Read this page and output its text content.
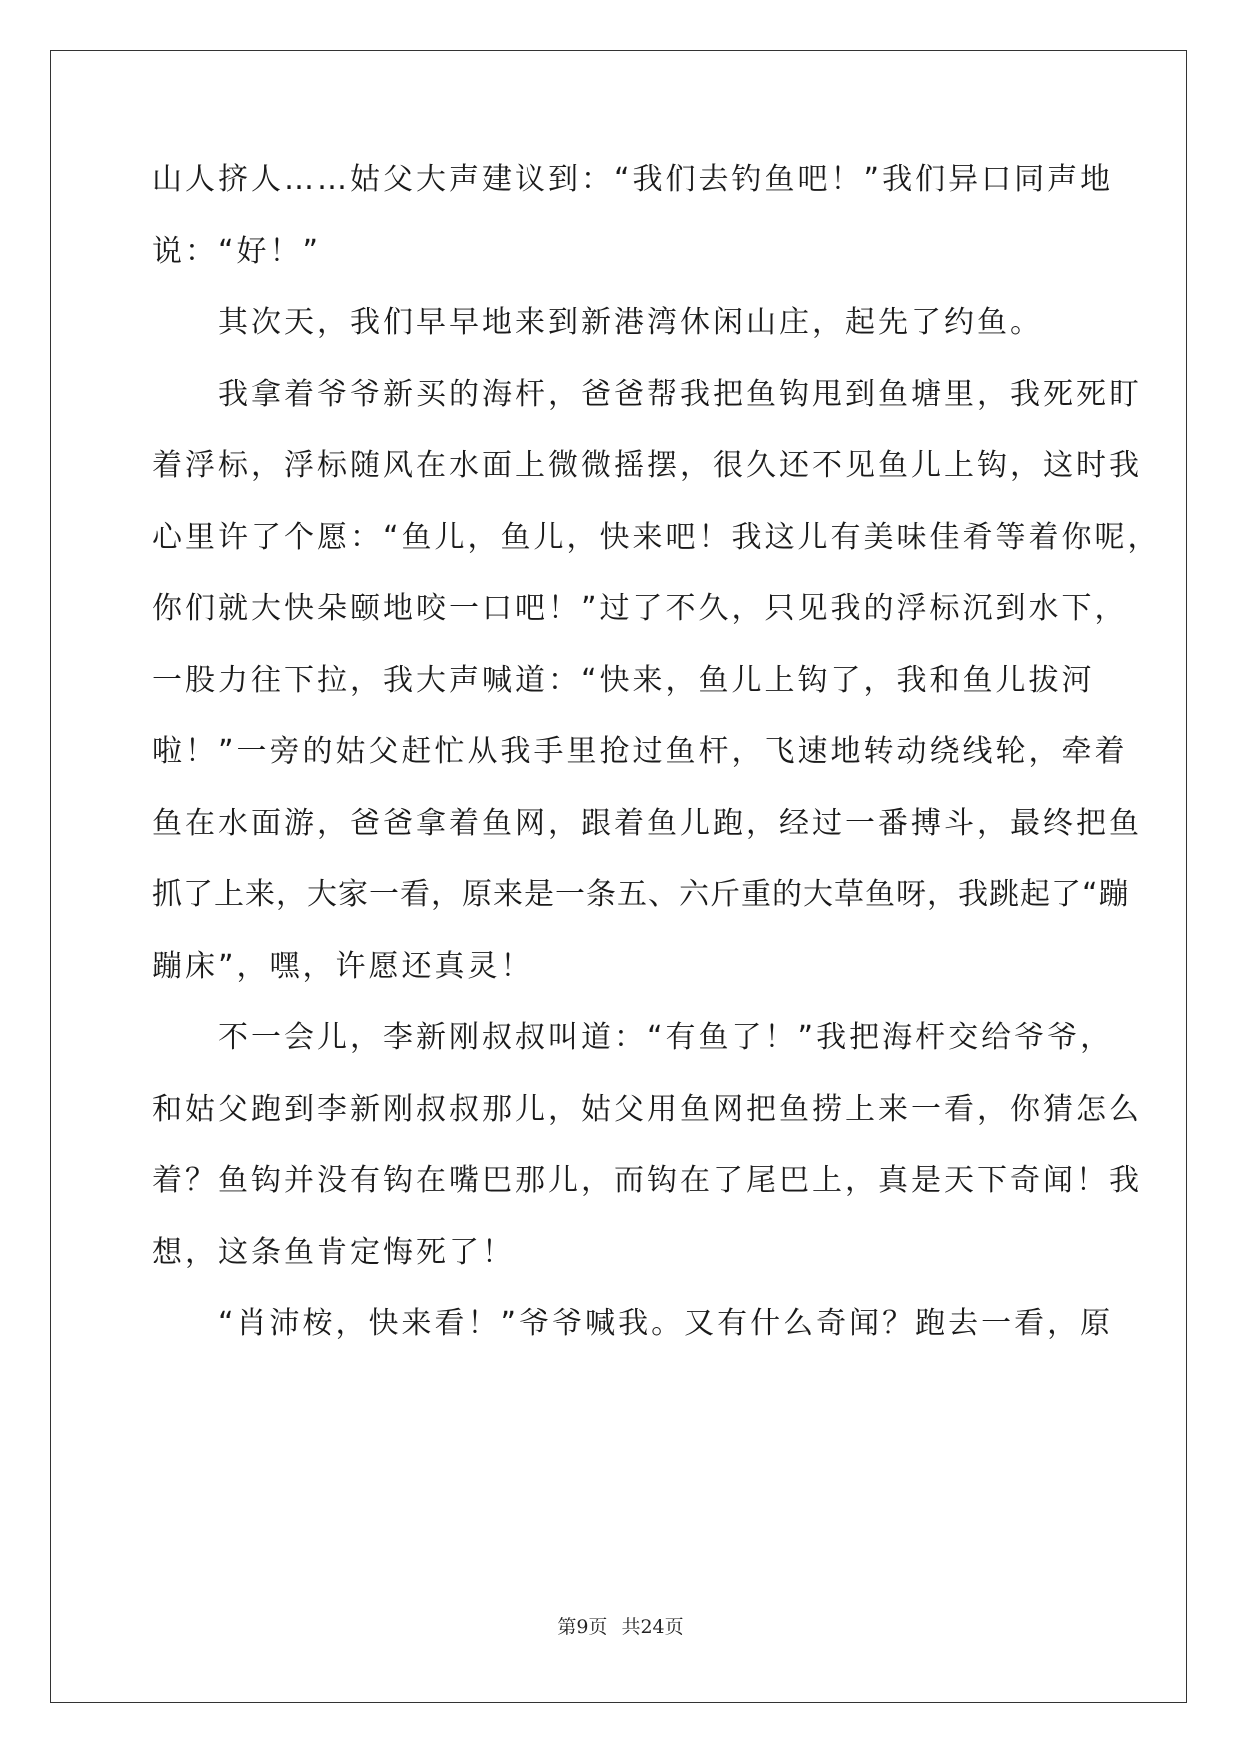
山人挤人……姑父大声建议到：“我们去钓鱼吧！”我们异口同声地
说：“好！”
　　其次天，我们早早地来到新港湾休闲山庄，起先了约鱼。
　　我拿着爷爷新买的海杆，爸爸帮我把鱼钩甩到鱼塘里，我死死盯
着浮标，浮标随风在水面上微微摇摆，很久还不见鱼儿上钩，这时我
心里许了个愿：“鱼儿，鱼儿，快来吧！我这儿有美味佳肴等着你呢，
你们就大快朵颐地咬一口吧！”过了不久，只见我的浮标沉到水下，
一股力往下拉，我大声喊道：“快来，鱼儿上钩了，我和鱼儿拔河
啦！”一旁的姑父赶忙从我手里抢过鱼杆，飞速地转动绕线轮，牵着
鱼在水面游，爸爸拿着鱼网，跟着鱼儿跑，经过一番搏斗，最终把鱼
抓了上来，大家一看，原来是一条五、六斤重的大草鱼呀，我跳起了“蹦
蹦床”，嘿，许愿还真灵！
　　不一会儿，李新刚叔叔叫道：“有鱼了！”我把海杆交给爷爷，
和姑父跑到李新刚叔叔那儿，姑父用鱼网把鱼捞上来一看，你猜怎么
着？鱼钩并没有钩在嘴巴那儿，而钩在了尾巴上，真是天下奇闻！我
想，这条鱼肯定悔死了！
　　“肖沛桉，快来看！”爷爷喊我。又有什么奇闻？跑去一看，原
第9页 共24页
